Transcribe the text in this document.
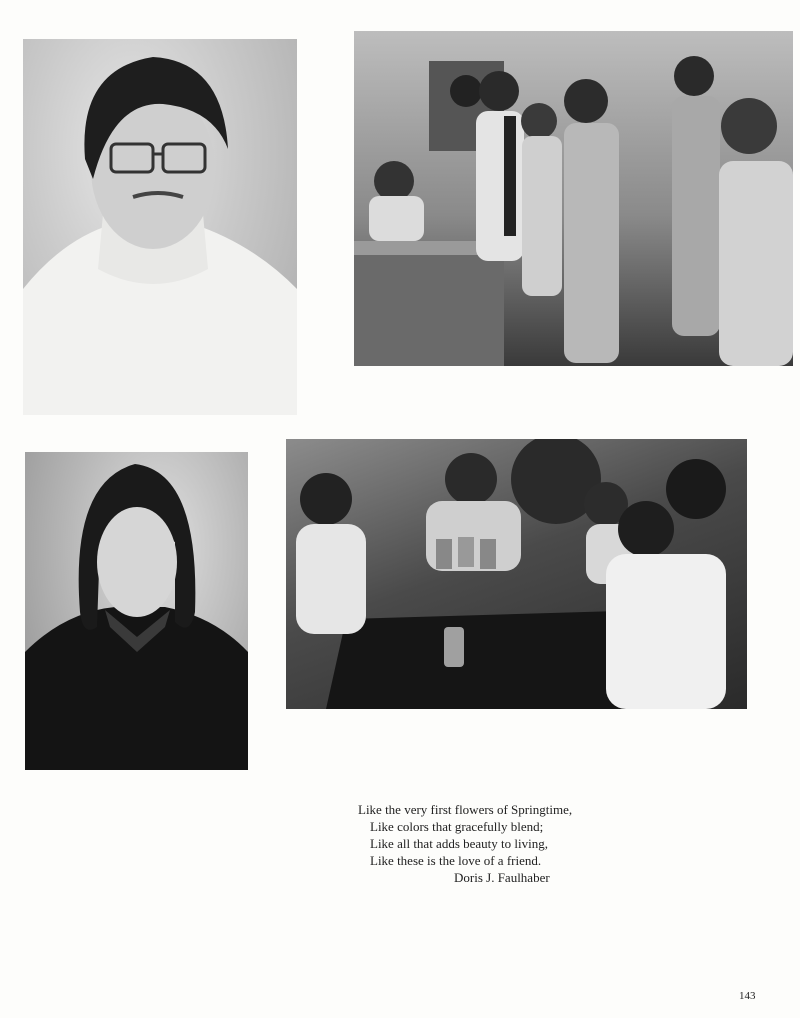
Like the very first flowers of Springtime,
Like colors that gracefully blend;
Like all that adds beauty to living,
Like these is the love of a friend.
Doris J. Faulhaber
143
